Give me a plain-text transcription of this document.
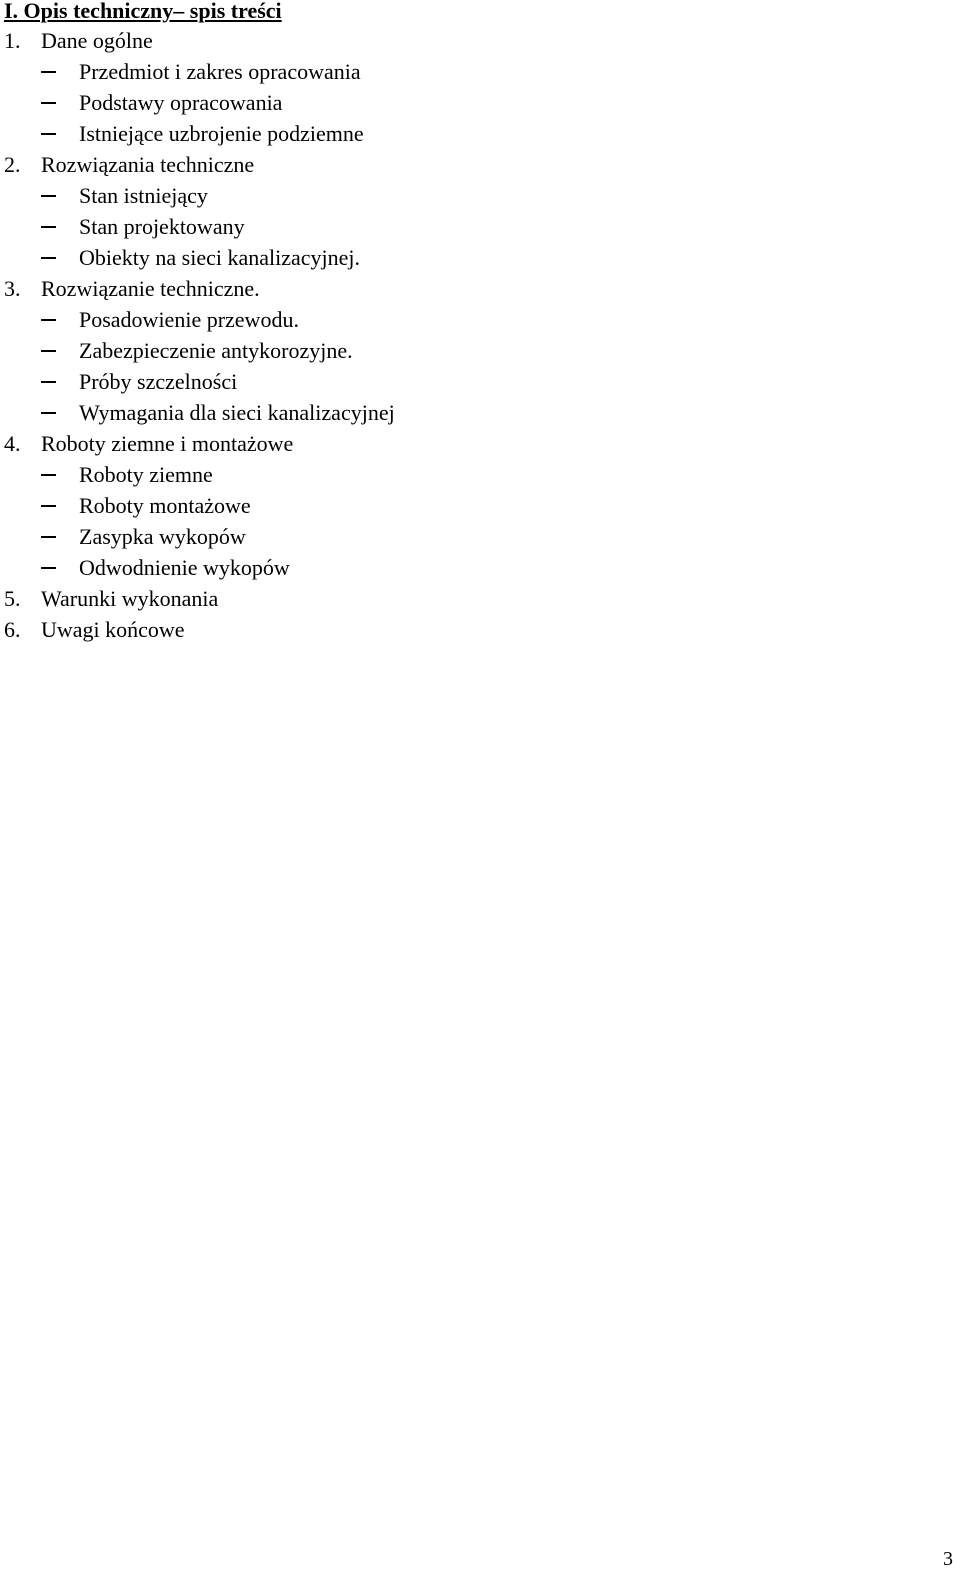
I. Opis techniczny– spis treści
1. Dane ogólne
Przedmiot i zakres opracowania
Podstawy opracowania
Istniejące uzbrojenie podziemne
2. Rozwiązania techniczne
Stan istniejący
Stan projektowany
Obiekty na sieci kanalizacyjnej.
3. Rozwiązanie techniczne.
Posadowienie przewodu.
Zabezpieczenie antykorozyjne.
Próby szczelności
Wymagania dla sieci kanalizacyjnej
4. Roboty ziemne i montażowe
Roboty ziemne
Roboty montażowe
Zasypka wykopów
Odwodnienie wykopów
5. Warunki wykonania
6. Uwagi końcowe
3
